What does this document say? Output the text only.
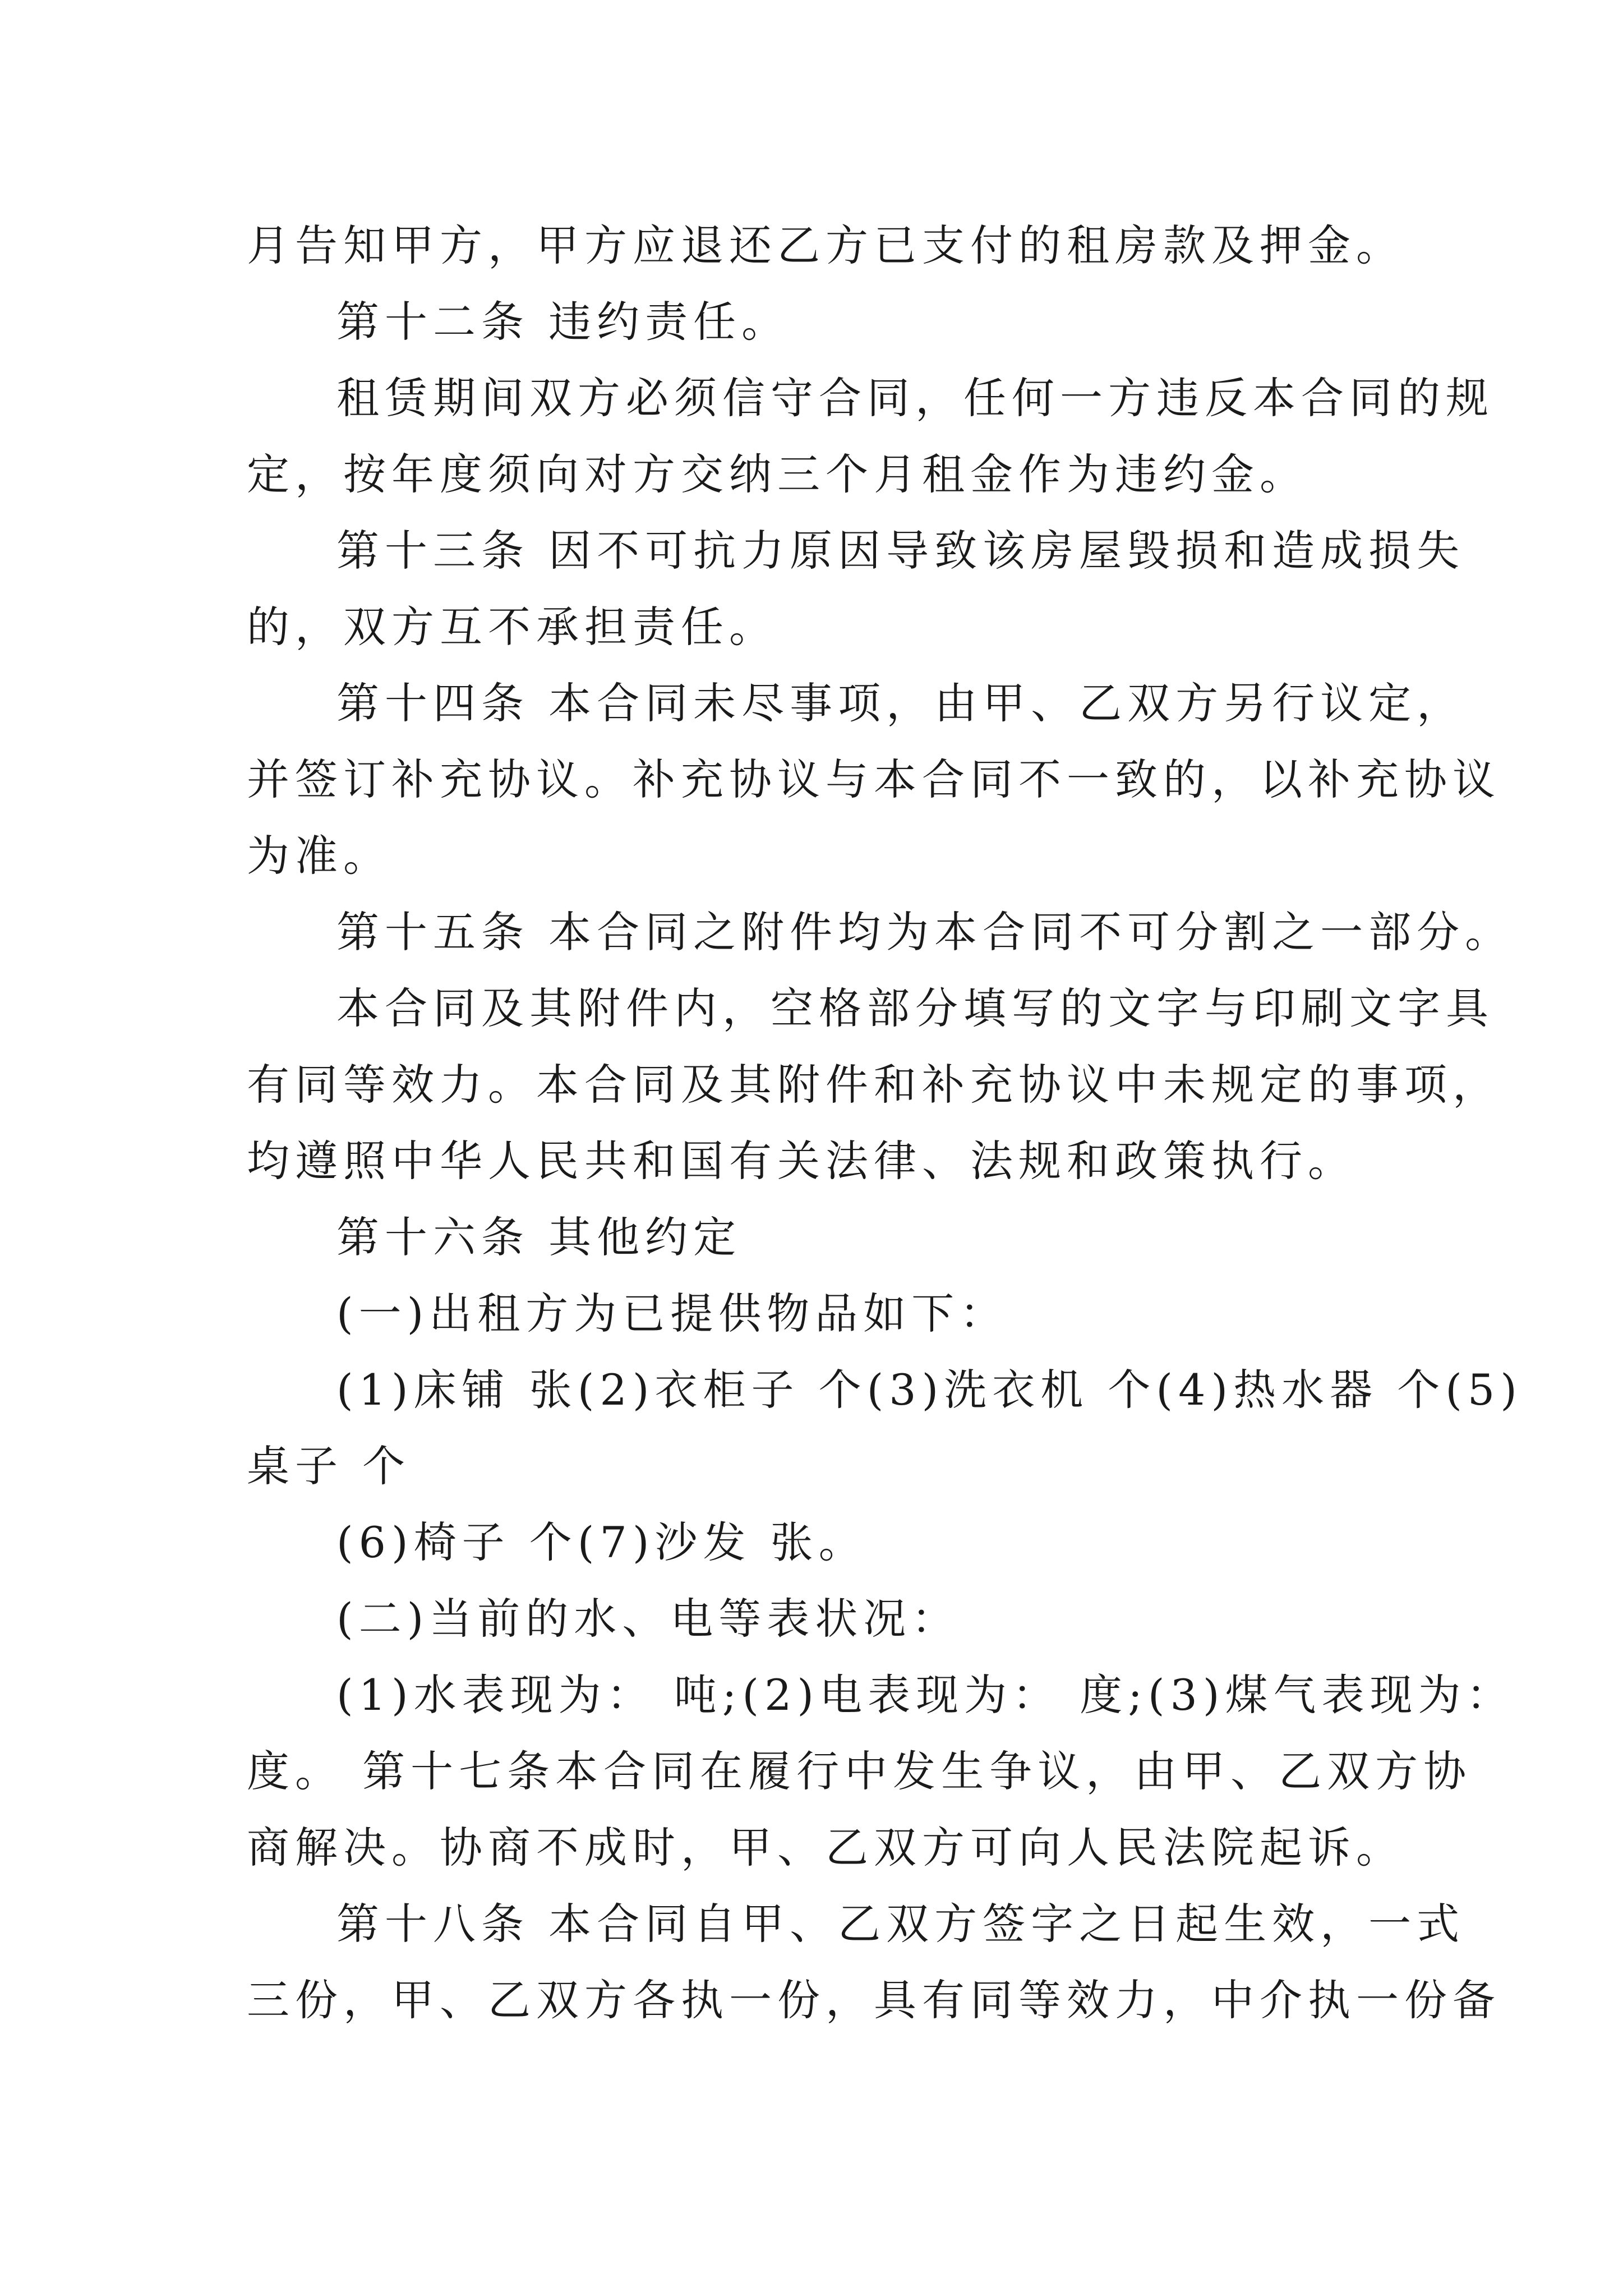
月告知甲方，甲方应退还乙方已支付的租房款及押金。
第十二条 违约责任。
租赁期间双方必须信守合同，任何一方违反本合同的规
定，按年度须向对方交纳三个月租金作为违约金。
第十三条 因不可抗力原因导致该房屋毁损和造成损失
的，双方互不承担责任。
第十四条 本合同未尽事项，由甲、乙双方另行议定，
并签订补充协议。补充协议与本合同不一致的，以补充协议
为准。
第十五条 本合同之附件均为本合同不可分割之一部分。
本合同及其附件内，空格部分填写的文字与印刷文字具
有同等效力。本合同及其附件和补充协议中未规定的事项，
均遵照中华人民共和国有关法律、法规和政策执行。
第十六条 其他约定
(一)出租方为已提供物品如下：
(1)床铺 张(2)衣柜子 个(3)洗衣机 个(4)热水器 个(5)
桌子 个
(6)椅子 个(7)沙发 张。
(二)当前的水、电等表状况：
(1)水表现为： 吨;(2)电表现为： 度;(3)煤气表现为：
度。 第十七条本合同在履行中发生争议，由甲、乙双方协
商解决。协商不成时，甲、乙双方可向人民法院起诉。
第十八条 本合同自甲、乙双方签字之日起生效，一式
三份，甲、乙双方各执一份，具有同等效力，中介执一份备
